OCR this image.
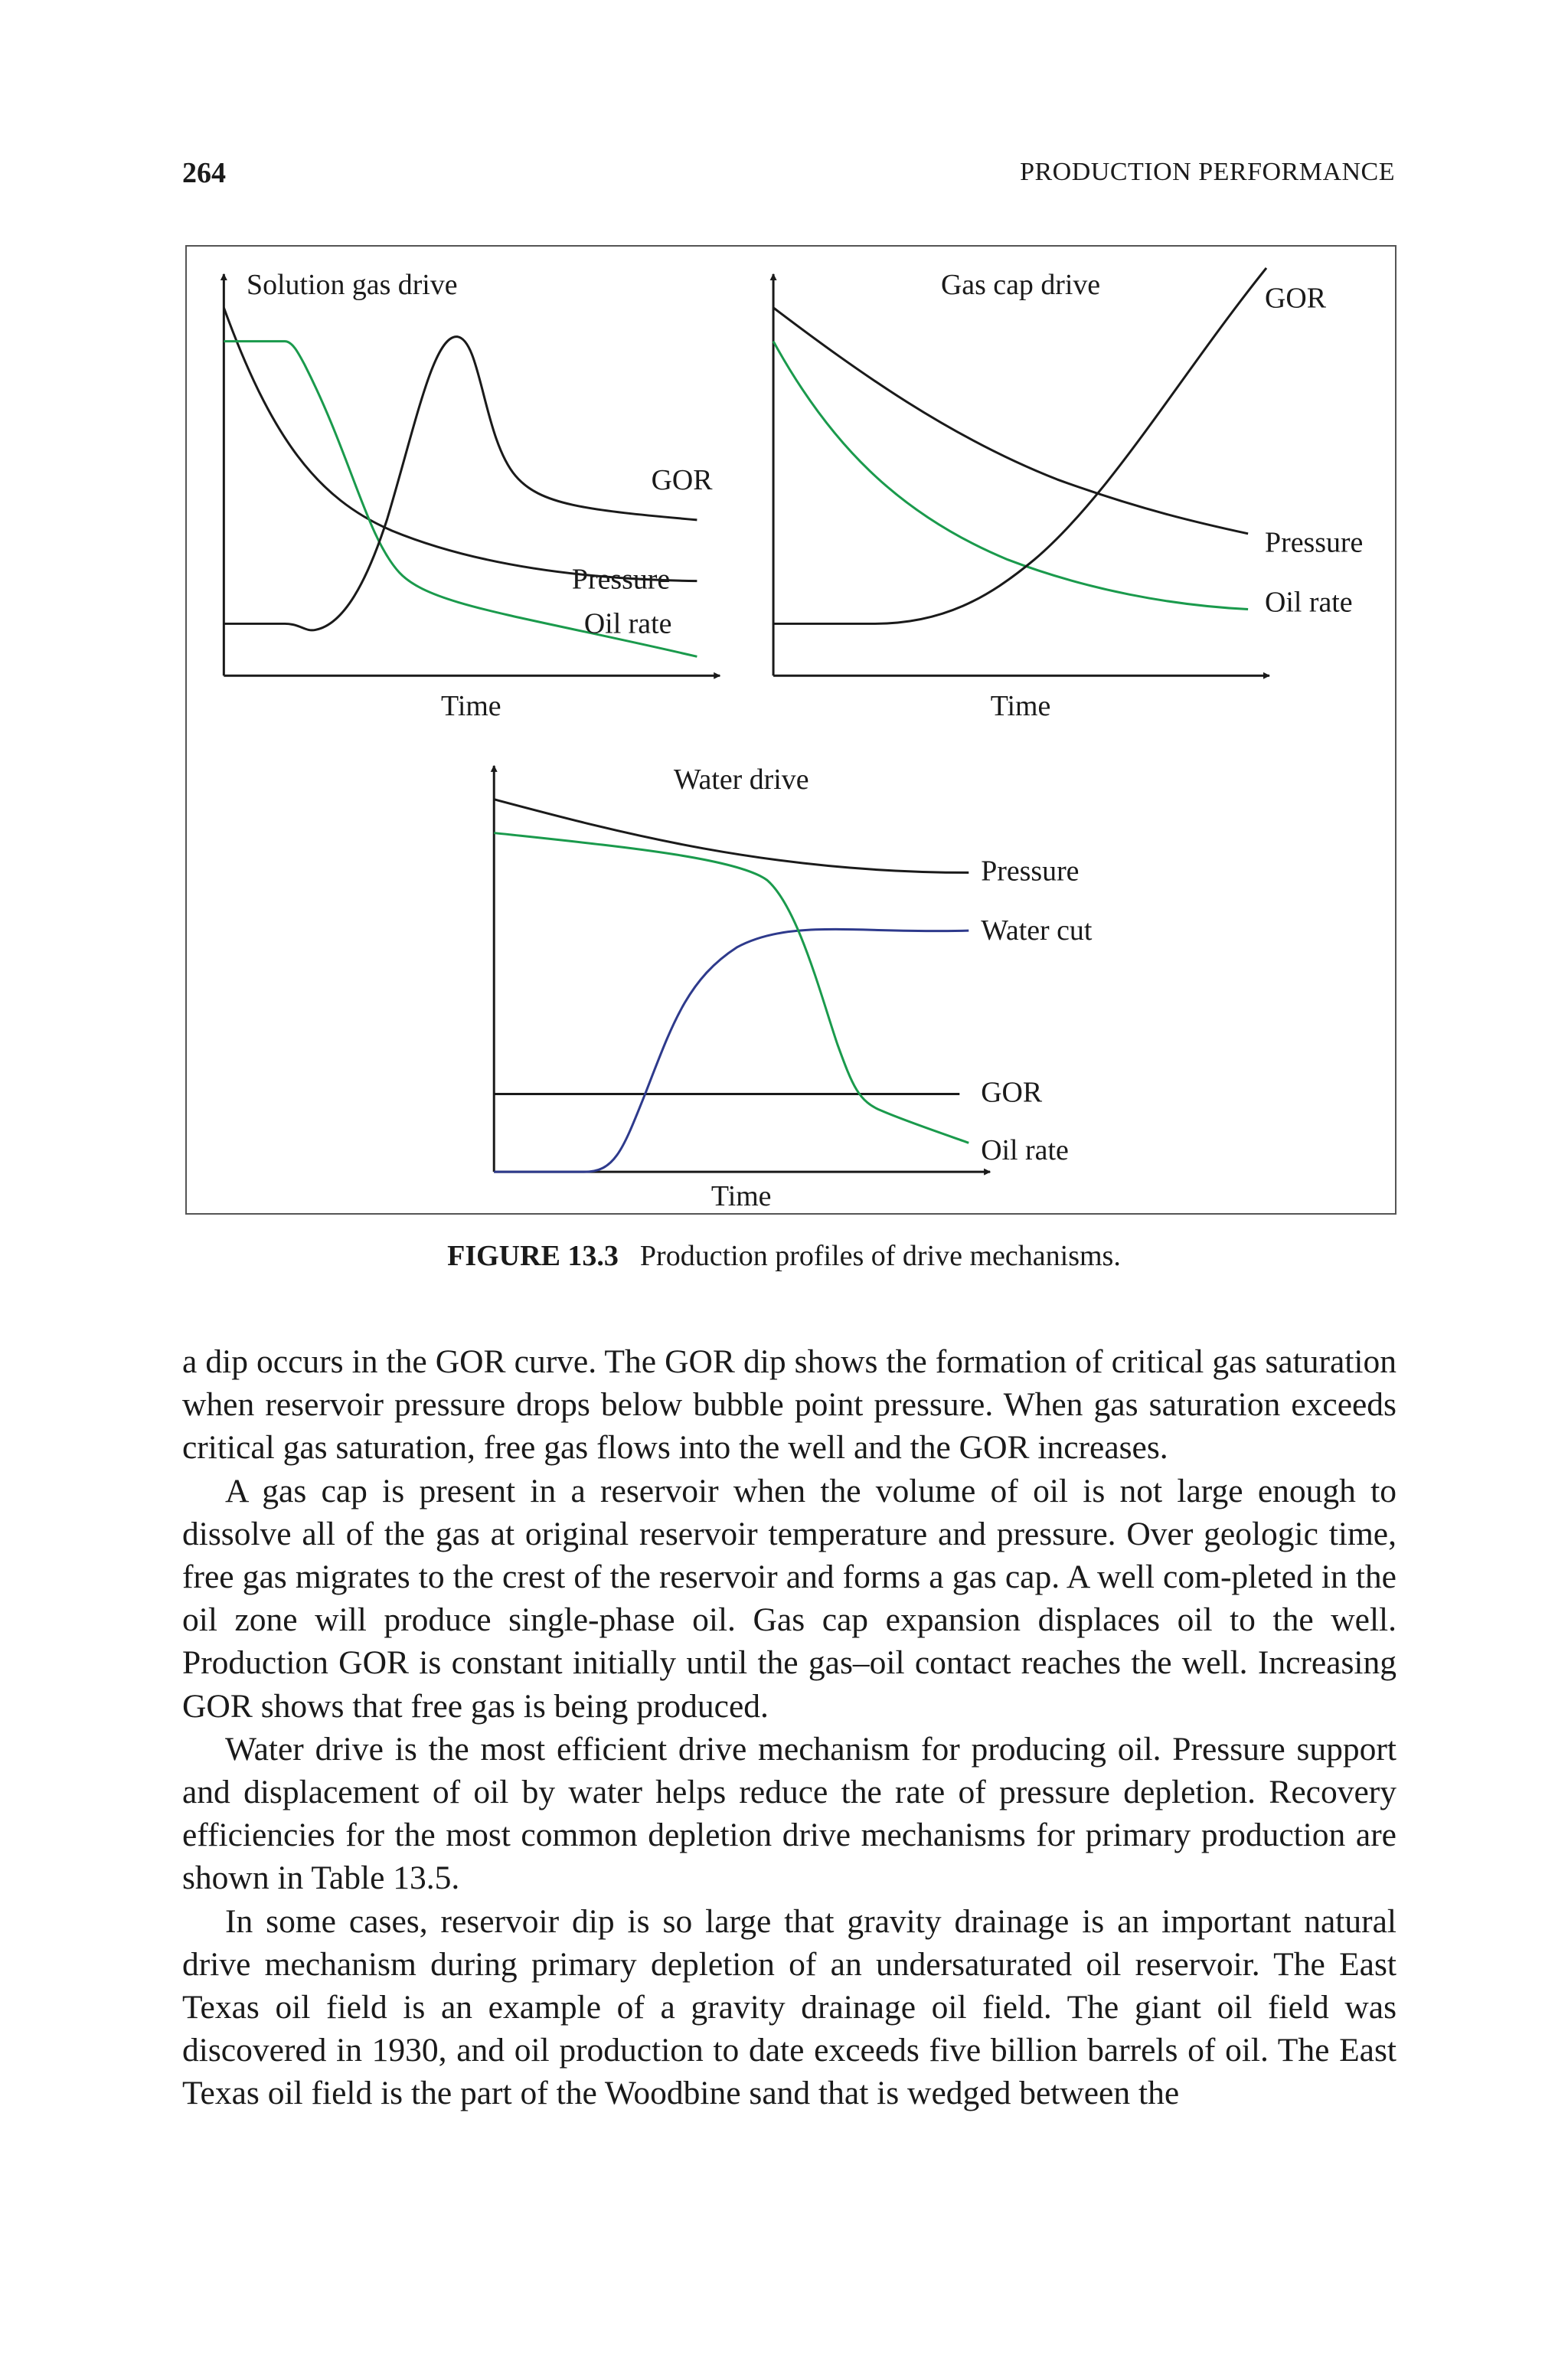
264	PRODUCTION PERFORMANCE
Solution gas drive
GOR
Pressure
Oil rate
Time
Gas cap drive	GOR
Pressure
Oil rate
Time
Water drive
Pressure
Water cut
GOR
Oil rate
Time
FIGURE 13.3 Production profiles of drive mechanisms.

a dip occurs in the GOR curve. The GOR dip shows the formation of critical gas saturation when reservoir pressure drops below bubble point pressure. When gas saturation exceeds critical gas saturation, free gas flows into the well and the GOR increases.

A gas cap is present in a reservoir when the volume of oil is not large enough to dissolve all of the gas at original reservoir temperature and pressure. Over geologic time, free gas migrates to the crest of the reservoir and forms a gas cap. A well com-pleted in the oil zone will produce single-phase oil. Gas cap expansion displaces oil to the well. Production GOR is constant initially until the gas–oil contact reaches the well. Increasing GOR shows that free gas is being produced.

Water drive is the most efficient drive mechanism for producing oil. Pressure support and displacement of oil by water helps reduce the rate of pressure depletion. Recovery efficiencies for the most common depletion drive mechanisms for primary production are shown in Table 13.5.

In some cases, reservoir dip is so large that gravity drainage is an important natural drive mechanism during primary depletion of an undersaturated oil reservoir. The East Texas oil field is an example of a gravity drainage oil field. The giant oil field was discovered in 1930, and oil production to date exceeds five billion barrels of oil. The East Texas oil field is the part of the Woodbine sand that is wedged between the
